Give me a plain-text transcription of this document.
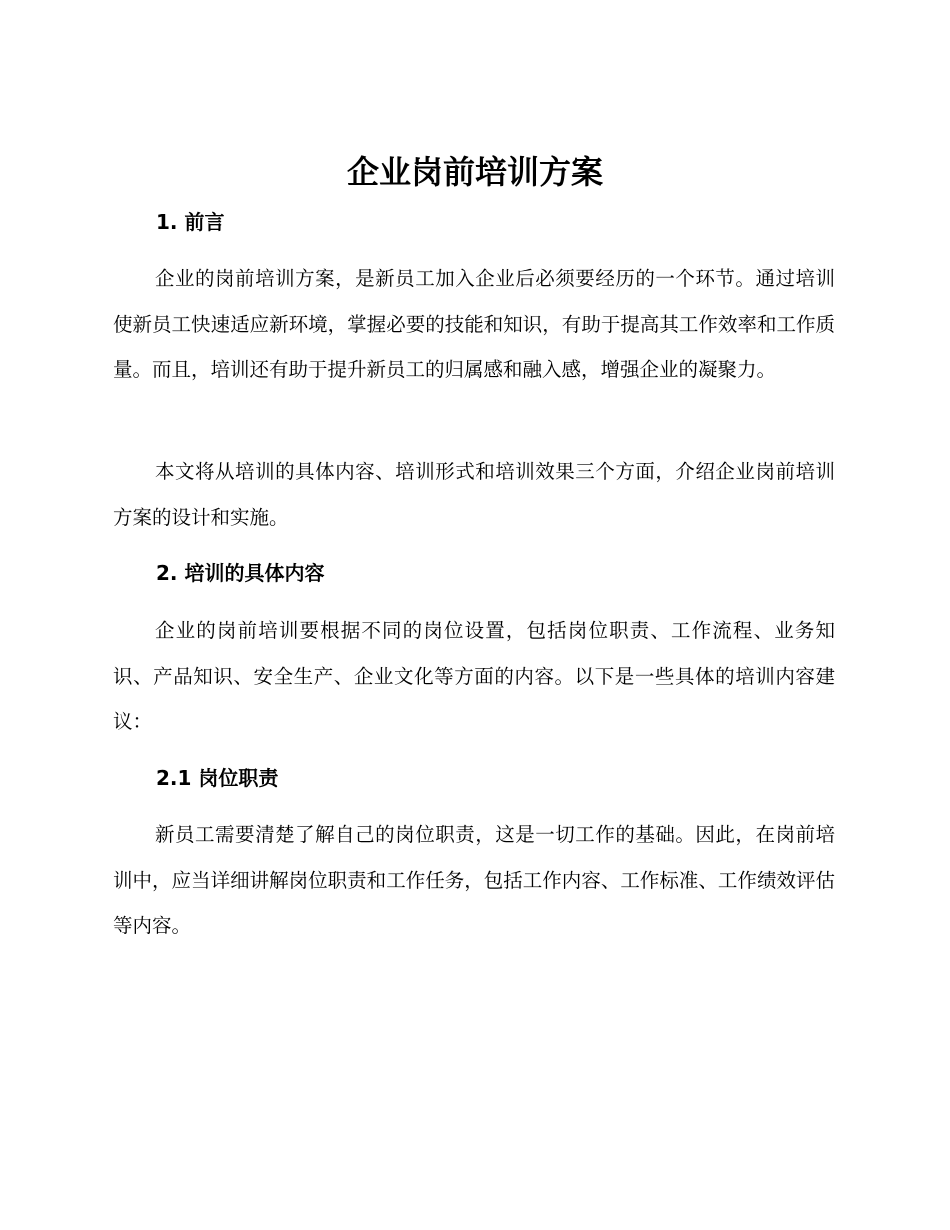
企业岗前培训方案
1. 前言
企业的岗前培训方案，是新员工加入企业后必须要经历的一个环节。通过培训使新员工快速适应新环境，掌握必要的技能和知识，有助于提高其工作效率和工作质量。而且，培训还有助于提升新员工的归属感和融入感，增强企业的凝聚力。
本文将从培训的具体内容、培训形式和培训效果三个方面，介绍企业岗前培训方案的设计和实施。
2. 培训的具体内容
企业的岗前培训要根据不同的岗位设置，包括岗位职责、工作流程、业务知识、产品知识、安全生产、企业文化等方面的内容。以下是一些具体的培训内容建议：
2.1 岗位职责
新员工需要清楚了解自己的岗位职责，这是一切工作的基础。因此，在岗前培训中，应当详细讲解岗位职责和工作任务，包括工作内容、工作标准、工作绩效评估等内容。
